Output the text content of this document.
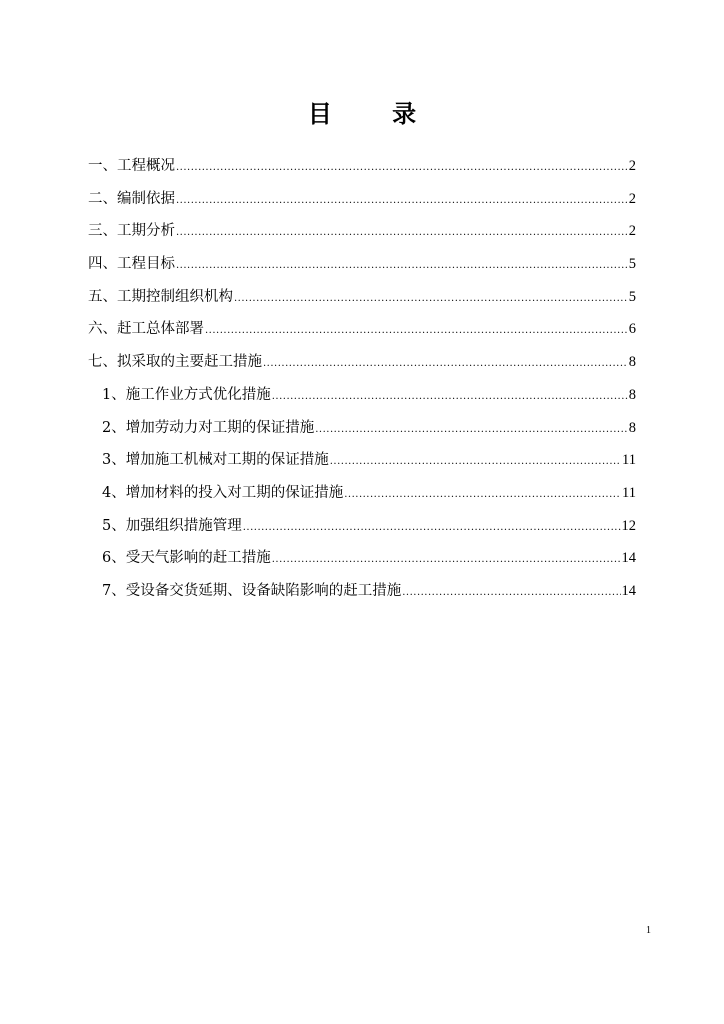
目 录
一、工程概况 .....	2
二、编制依据 .....	2
三、工期分析 .....	2
四、工程目标 .....	5
五、工期控制组织机构 .....	5
六、赶工总体部署 .....	6
七、拟采取的主要赶工措施 .....	8
1、施工作业方式优化措施 .....	8
2、增加劳动力对工期的保证措施 .....	8
3、增加施工机械对工期的保证措施 .....	11
4、增加材料的投入对工期的保证措施 .....	11
5、加强组织措施管理 .....	12
6、受天气影响的赶工措施 .....	14
7、受设备交货延期、设备缺陷影响的赶工措施 .....	14
1
